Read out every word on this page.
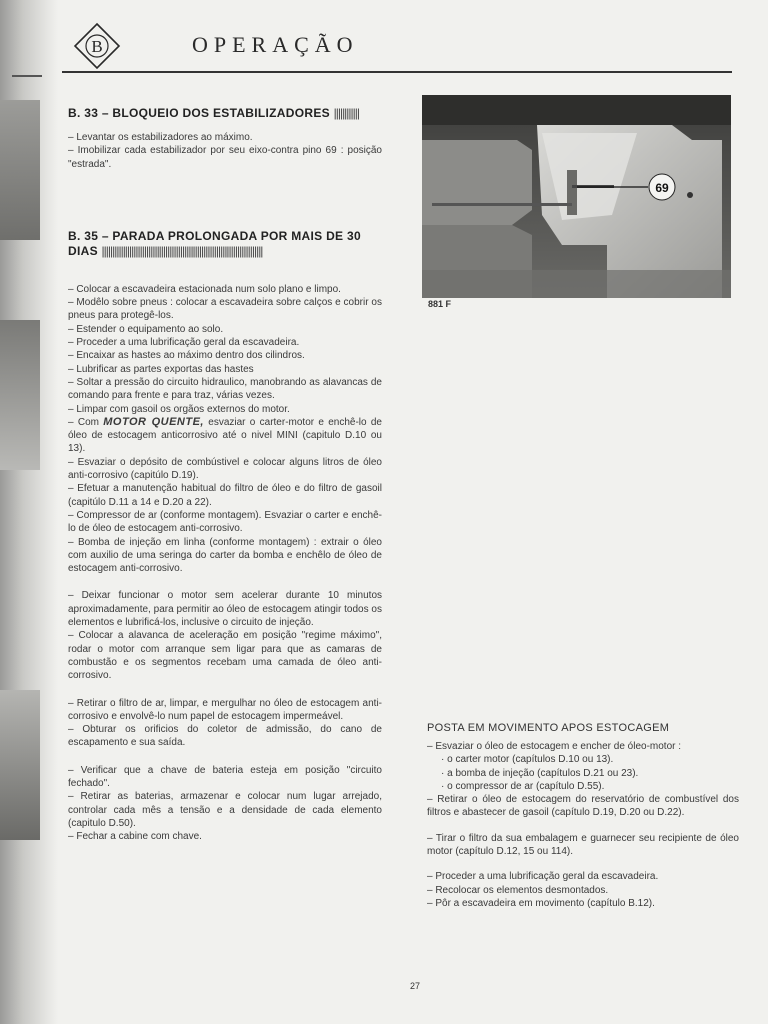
B	OPERAÇÃO

B. 33 – BLOQUEIO DOS ESTABILIZADORES ||||||||||||

– Levantar os estabilizadores ao máximo.

– Imobilizar cada estabilizador por seu eixo-contra pino 69 : posição "estrada".

B. 35 – PARADA PROLONGADA POR MAIS DE 30 DIAS ||||||||||||||||||||||||||||||||||||||||||||||||||||||||||||||||||||||||||||

– Colocar a escavadeira estacionada num solo plano e limpo.

– Modêlo sobre pneus : colocar a escavadeira sobre calços e cobrir os pneus para protegê-los.

– Estender o equipamento ao solo.

– Proceder a uma lubrificação geral da escavadeira.

– Encaixar as hastes ao máximo dentro dos cilindros.

– Lubrificar as partes exportas das hastes

– Soltar a pressão do circuito hidraulico, manobrando as alavancas de comando para frente e para traz, várias vezes.

– Limpar com gasoil os orgãos externos do motor.

– Com MOTOR QUENTE, esvaziar o carter-motor e enchê-lo de óleo de estocagem anticorrosivo até o nivel MINI (capitulo D.10 ou 13).

– Esvaziar o depósito de combústivel e colocar alguns litros de óleo anti-corrosivo (capitúlo D.19).

– Efetuar a manutenção habitual do filtro de óleo e do filtro de gasoil (capitúlo D.11 a 14 e D.20 a 22).

– Compressor de ar (conforme montagem). Esvaziar o carter e enchê-lo de óleo de estocagem anti-corrosivo.

– Bomba de injeção em linha (conforme montagem) : extrair o óleo com auxilio de uma seringa do carter da bomba e enchêlo de óleo de estocagem anti-corrosivo.

– Deixar funcionar o motor sem acelerar durante 10 minutos aproximadamente, para permitir ao óleo de estocagem atingir todos os elementos e lubrificá-los, inclusive o circuito de injeção.

– Colocar a alavanca de aceleração em posição "regime máximo", rodar o motor com arranque sem ligar para que as camaras de combustão e os segmentos recebam uma camada de óleo anti-corrosivo.

– Retirar o filtro de ar, limpar, e mergulhar no óleo de estocagem anti-corrosivo e envolvê-lo num papel de estocagem impermeável.

– Obturar os orificios do coletor de admissão, do cano de escapamento e sua saída.

– Verificar que a chave de bateria esteja em posição "circuito fechado".

– Retirar as baterias, armazenar e colocar num lugar arrejado, controlar cada mês a tensão e a densidade de cada elemento (capitulo D.50).

– Fechar a cabine com chave.

69
881 F

POSTA EM MOVIMENTO APOS ESTOCAGEM

– Esvaziar o óleo de estocagem e encher de óleo-motor :

· o carter motor (capítulos D.10 ou 13).

· a bomba de injeção (capítulos D.21 ou 23).

· o compressor de ar (capítulo D.55).

– Retirar o óleo de estocagem do reservatório de combustível dos filtros e abastecer de gasoil (capítulo D.19, D.20 ou D.22).

– Tirar o filtro da sua embalagem e guarnecer seu recipiente de óleo motor (capítulo D.12, 15 ou 114).

– Proceder a uma lubrificação geral da escavadeira.

– Recolocar os elementos desmontados.

– Pôr a escavadeira em movimento (capítulo B.12).

27
